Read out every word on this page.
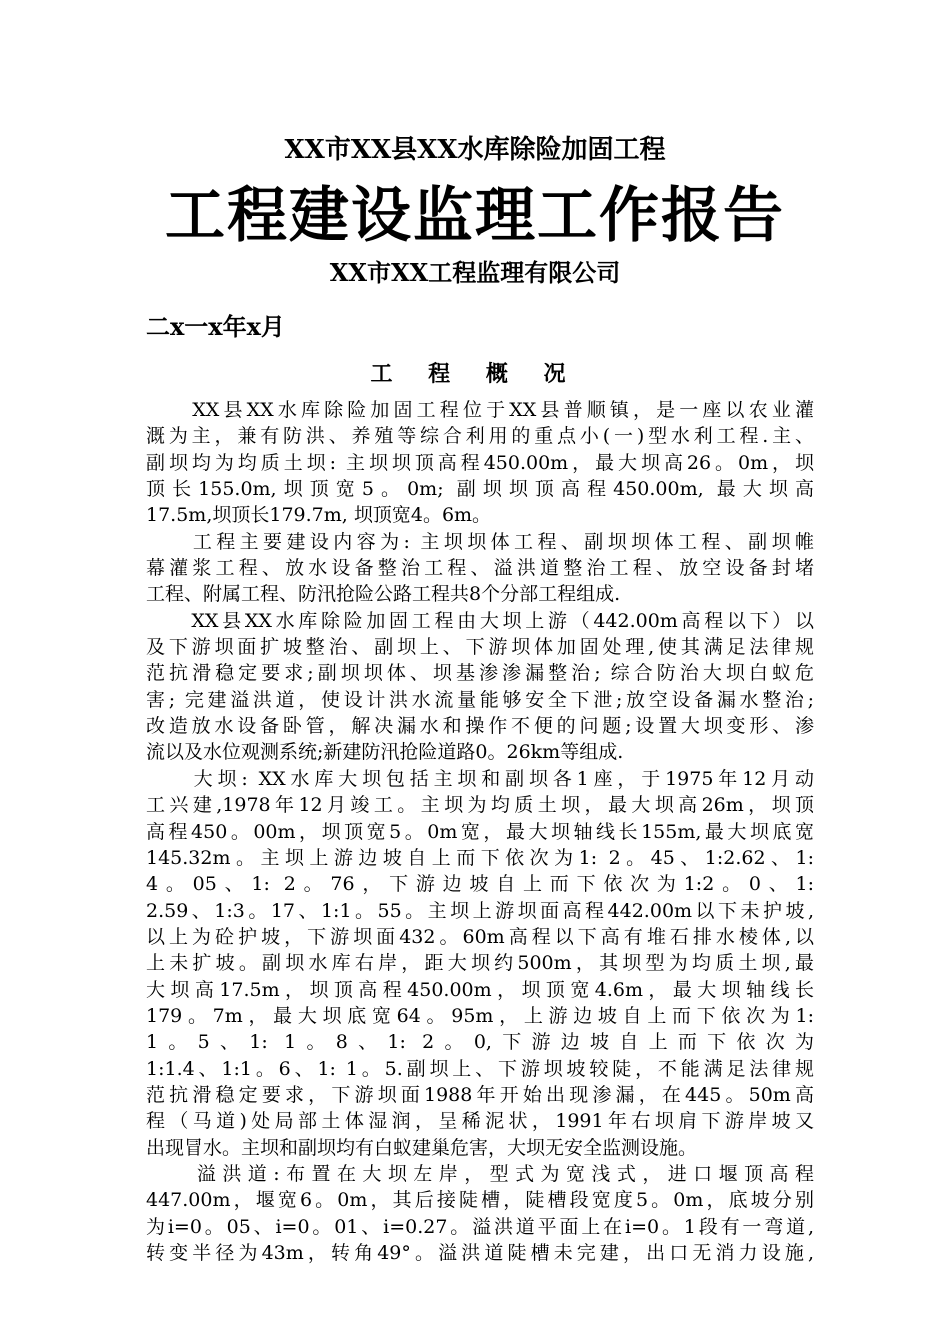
XX市XX县XX水库除险加固工程
工程建设监理工作报告
XX市XX工程监理有限公司
二x一x年x月
工 程 概 况
　　XX县XX水库除险加固工程位于XX县普顺镇，是一座以农业灌
溉为主，兼有防洪、养殖等综合利用的重点小(一)型水利工程.主、
副坝均为均质土坝: 主坝坝顶高程450.00m，最大坝高26。0m，坝
顶长155.0m,坝顶宽5。0m; 副坝坝顶高程450.00m, 最大坝高
17.5m,坝顶长179.7m, 坝顶宽4。6m。
　　工程主要建设内容为: 主坝坝体工程、副坝坝体工程、副坝帷
幕灌浆工程、放水设备整治工程、溢洪道整治工程、放空设备封堵
工程、附属工程、防汛抢险公路工程共8个分部工程组成.
　　XX县XX水库除险加固工程由大坝上游（442.00m高程以下）以
及下游坝面扩坡整治、副坝上、下游坝体加固处理,使其满足法律规
范抗滑稳定要求;副坝坝体、坝基渗渗漏整治; 综合防治大坝白蚁危
害; 完建溢洪道，使设计洪水流量能够安全下泄;放空设备漏水整治;
改造放水设备卧管，解决漏水和操作不便的问题;设置大坝变形、渗
流以及水位观测系统;新建防汛抢险道路0。26km等组成.
　　大坝: XX水库大坝包括主坝和副坝各1座，于1975年12月动
工兴建,1978年12月竣工。主坝为均质土坝，最大坝高26m，坝顶
高程450。00m，坝顶宽5。0m宽，最大坝轴线长155m,最大坝底宽
145.32m。主坝上游边坡自上而下依次为1: 2。45、1:2.62、1:
4。05、1: 2。76，下游边坡自上而下依次为1:2。0、1:
2.59、1:3。17、1:1。55。主坝上游坝面高程442.00m以下未护坡,
以上为砼护坡，下游坝面432。60m高程以下高有堆石排水棱体,以
上未扩坡。副坝水库右岸，距大坝约500m，其坝型为均质土坝,最
大坝高17.5m，坝顶高程450.00m，坝顶宽4.6m，最大坝轴线长
179。7m，最大坝底宽64。95m，上游边坡自上而下依次为1:
1。5、1: 1。8、1: 2。0,下游边坡自上而下依次为
1:1.4、1:1。6、1: 1。5.副坝上、下游坝坡较陡，不能满足法律规
范抗滑稳定要求，下游坝面1988年开始出现渗漏，在445。50m高
程（马道)处局部土体湿润，呈稀泥状，1991年右坝肩下游岸坡又
出现冒水。主坝和副坝均有白蚁建巢危害，大坝无安全监测设施。
　　溢洪道:布置在大坝左岸，型式为宽浅式，进口堰顶高程
447.00m，堰宽6。0m，其后接陡槽，陡槽段宽度5。0m，底坡分别
为i=0。05、i=0。01、i=0.27。溢洪道平面上在i=0。1段有一弯道,
转变半径为43m，转角49°。溢洪道陡槽未完建，出口无消力设施,
